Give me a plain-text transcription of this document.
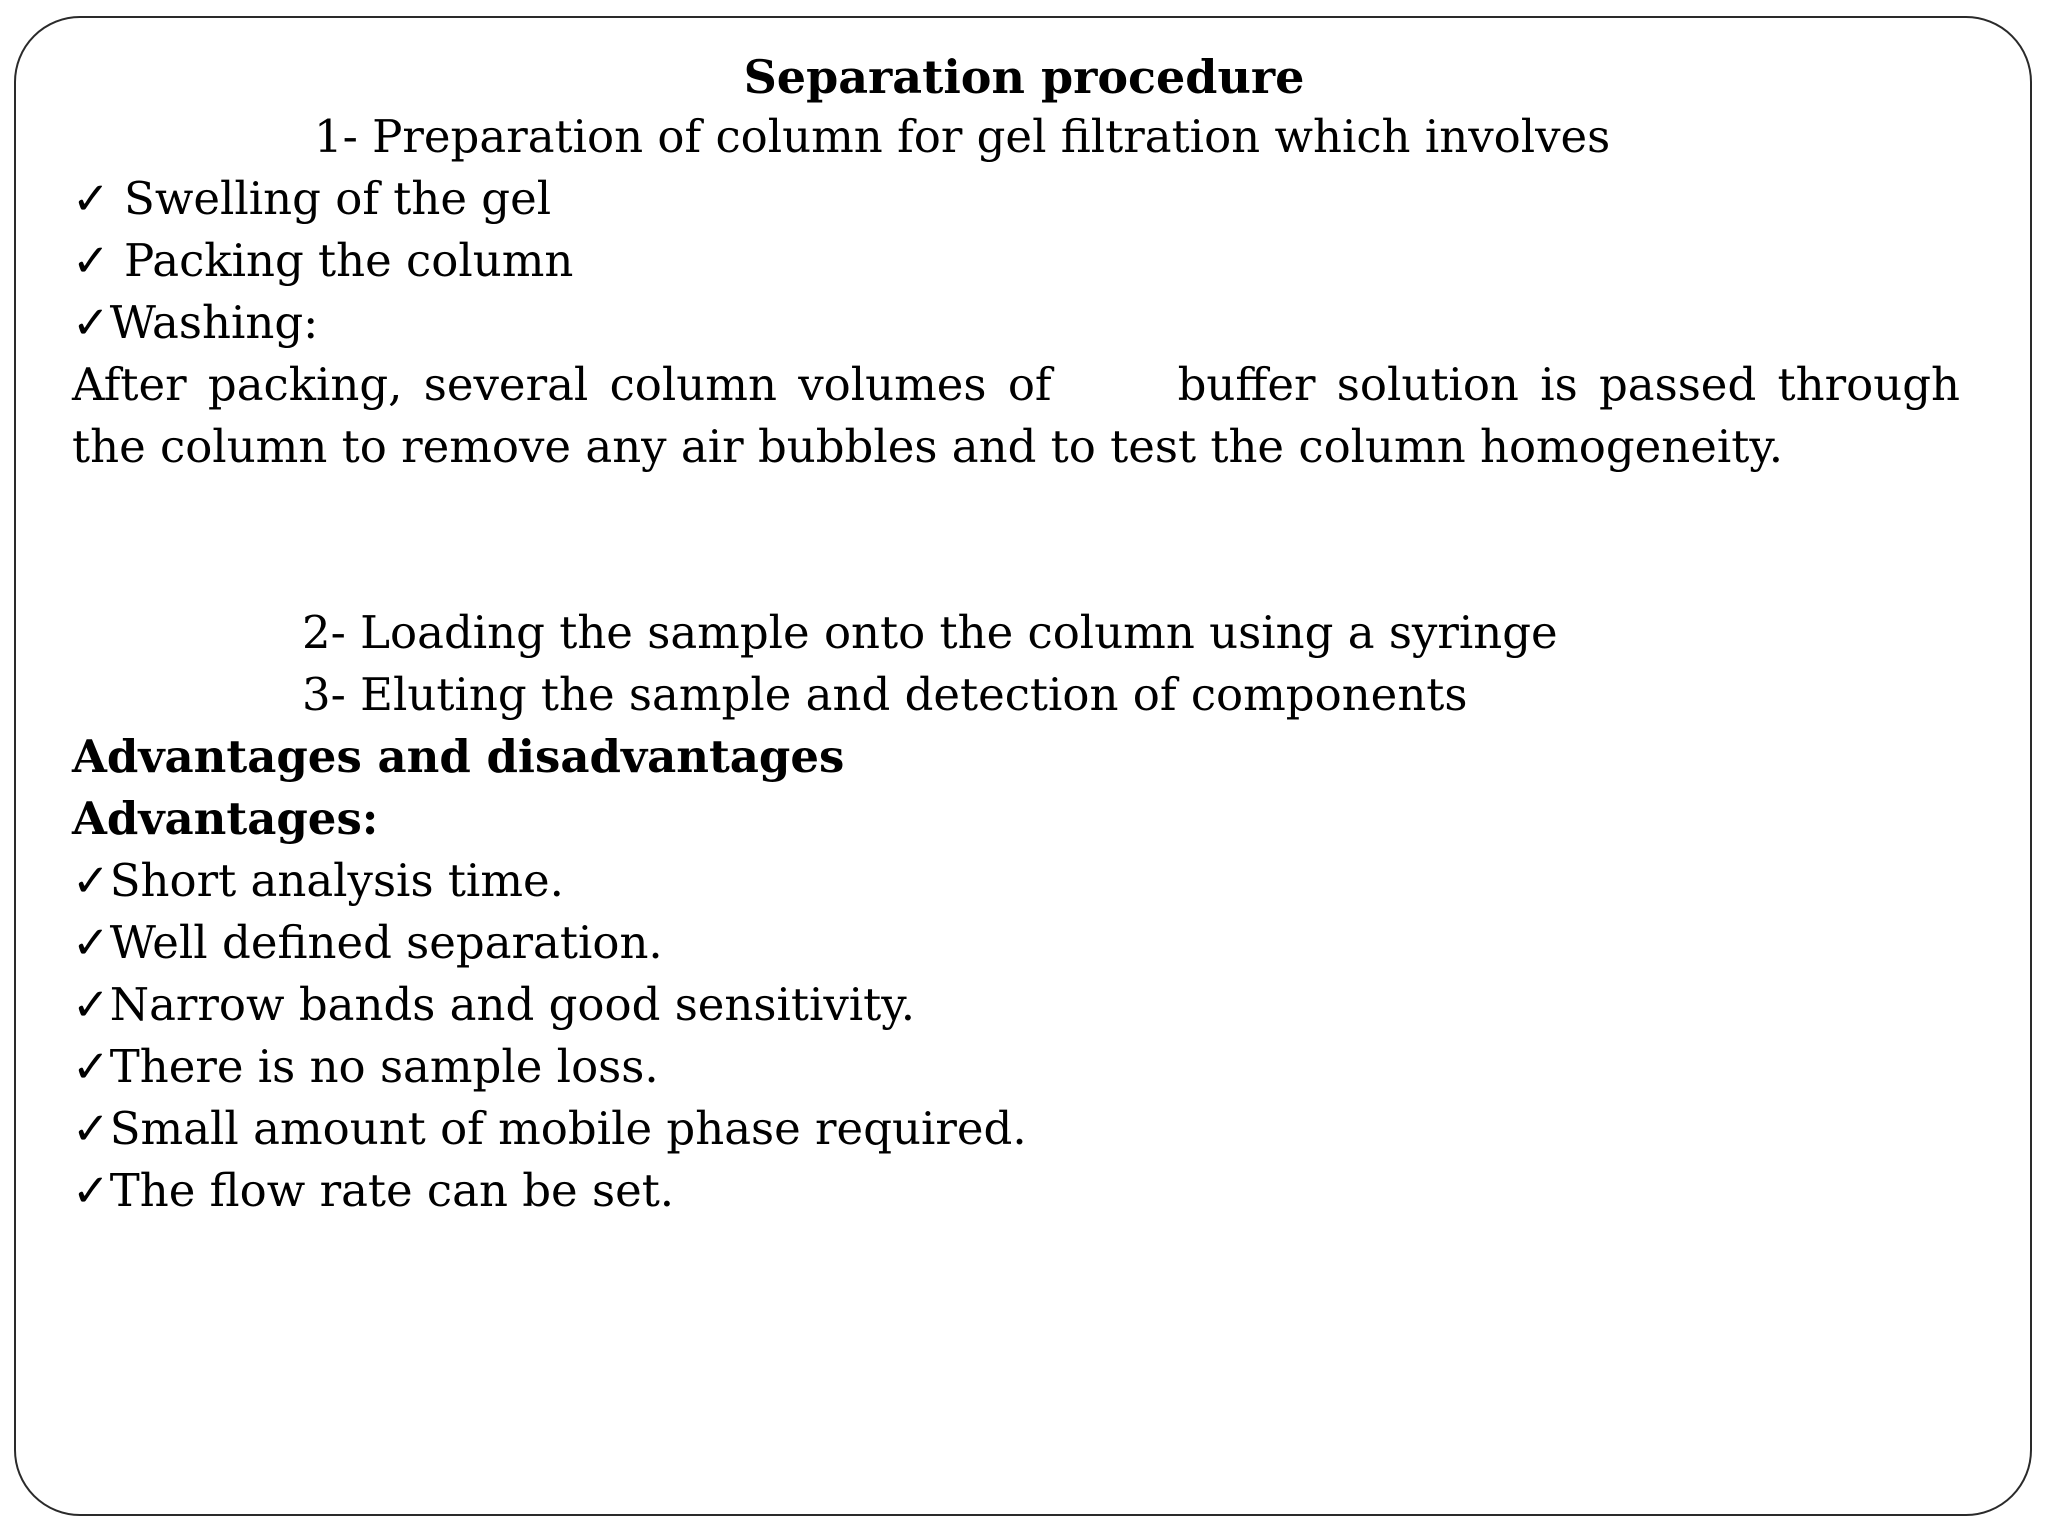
Separation procedure

1- Preparation of column for gel filtration which involves

✓ Swelling of the gel

✓ Packing the column

✓Washing:

After packing, several column volumes of	buffer solution is passed through the column to remove any air bubbles and to test the column homogeneity.

2- Loading the sample onto the column using a syringe

3- Eluting the sample and detection of components

Advantages and disadvantages

Advantages:

✓Short analysis time.

✓Well defined separation.

✓Narrow bands and good sensitivity.

✓There is no sample loss.

✓Small amount of mobile phase required.

✓The flow rate can be set.
